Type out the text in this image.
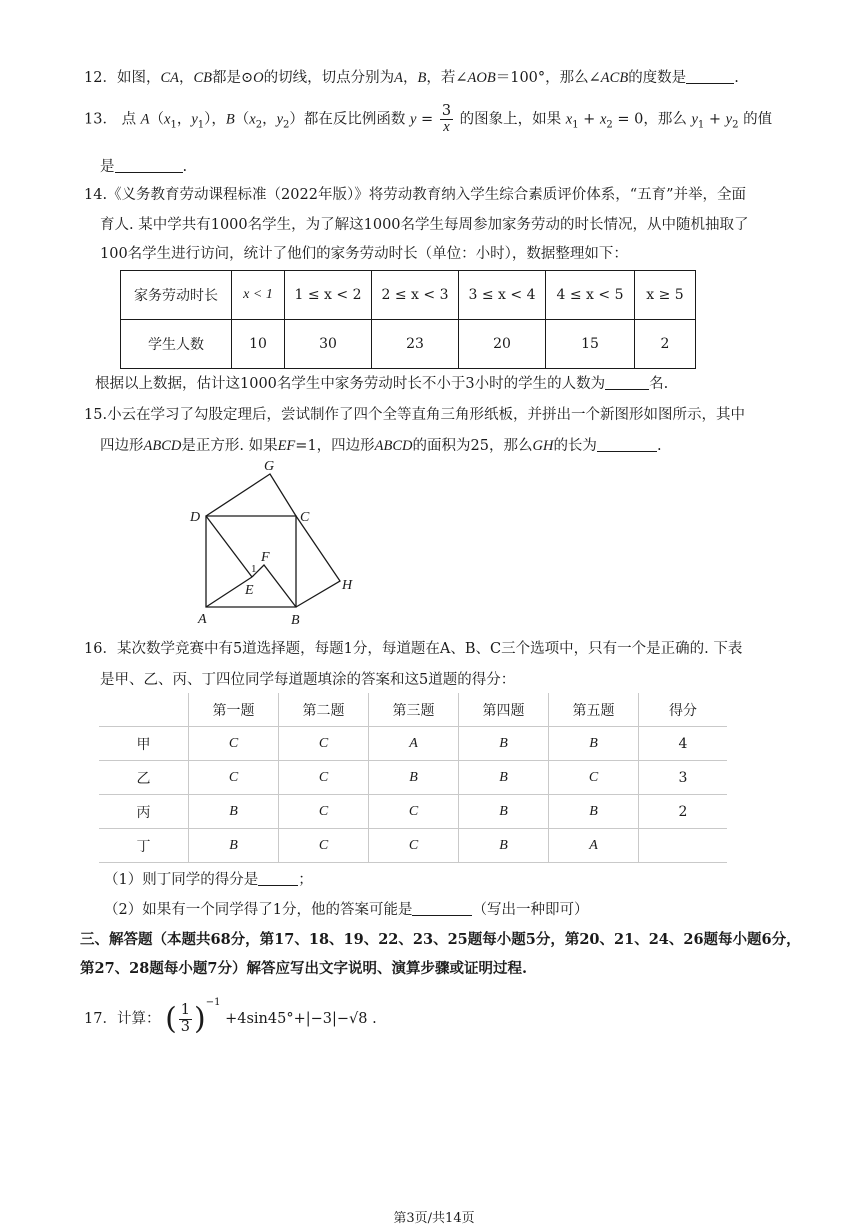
12．如图，CA，CB都是⊙O的切线，切点分别为A，B，若∠AOB＝100°，那么∠ACB的度数是	.
13． 点 $A(x_1$，$y_1$），$B(x_2$，$y_2$）都在反比例函数 $y = \frac{3}{x}$ 的图象上，如果 $x_1 + x_2 = 0$，那么 $y_1 + y_2$ 的值
是	.
14.《义务教育劳动课程标准（2022年版）》将劳动教育纳入学生综合素质评价体系，“五育”并举，全面
育人. 某中学共有1000名学生，为了解这1000名学生每周参加家务劳动的时长情况，从中随机抽取了
100名学生进行访问，统计了他们的家务劳动时长（单位：小时），数据整理如下：
家务劳动时长	x < 1	1 ≤ x < 2	2 ≤ x < 3	3 ≤ x < 4	4 ≤ x < 5	x ≥ 5
学生人数	10	30	23	20	15	2
根据以上数据，估计这1000名学生中家务劳动时长不小于3小时的学生的人数为	名.
15.小云在学习了勾股定理后，尝试制作了四个全等直角三角形纸板，并拼出一个新图形如图所示，其中
四边形ABCD是正方形. 如果EF=1，四边形ABCD的面积为25，那么GH的长为	.
G
D	C
F
1
E	H
A	B
16．某次数学竞赛中有5道选择题，每题1分，每道题在A、B、C三个选项中，只有一个是正确的. 下表
是甲、乙、丙、丁四位同学每道题填涂的答案和这5道题的得分：
	第一题	第二题	第三题	第四题	第五题	得分
甲	C	C	A	B	B	4
乙	C	C	B	B	C	3
丙	B	C	C	B	B	2
丁	B	C	C	B	A	
（1）则丁同学的得分是	；
（2）如果有一个同学得了1分，他的答案可能是	（写出一种即可）
三、解答题（本题共68分，第17、18、19、22、23、25题每小题5分，第20、21、24、26题每小题6分，
第27、28题每小题7分）解答应写出文字说明、演算步骤或证明过程.
17．计算： ( $\frac{1}{3} )^{-1} +4\sin 45^\circ+|-3|-√8$ .
第3页/共14页
